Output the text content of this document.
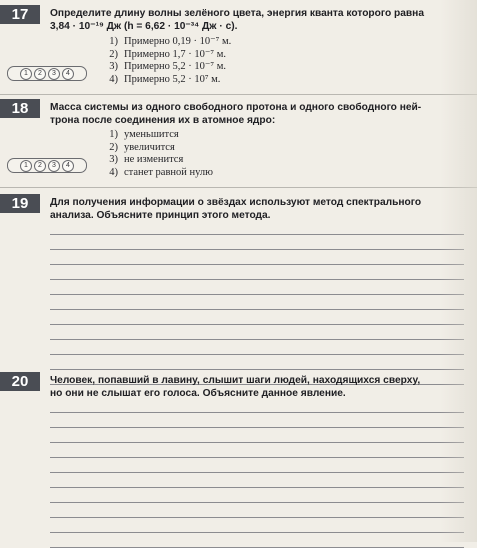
17	Определите длину волны зелёного цвета, энергия кванта которого равна
3,84 · 10⁻¹⁹ Дж (h = 6,62 · 10⁻³⁴ Дж · с).
1) Примерно 0,19 · 10⁻⁷ м.
2) Примерно 1,7 · 10⁻⁷ м.
3) Примерно 5,2 · 10⁻⁷ м.
4) Примерно 5,2 · 10⁷ м.
1	2	3	4
18	Масса системы из одного свободного протона и одного свободного ней-
трона после соединения их в атомное ядро:
1) уменьшится
2) увеличится
3) не изменится
4) станет равной нулю
1	2	3	4
19	Для получения информации о звёздах используют метод спектрального
анализа. Объясните принцип этого метода.
20	Человек, попавший в лавину, слышит шаги людей, находящихся сверху,
но они не слышат его голоса. Объясните данное явление.
